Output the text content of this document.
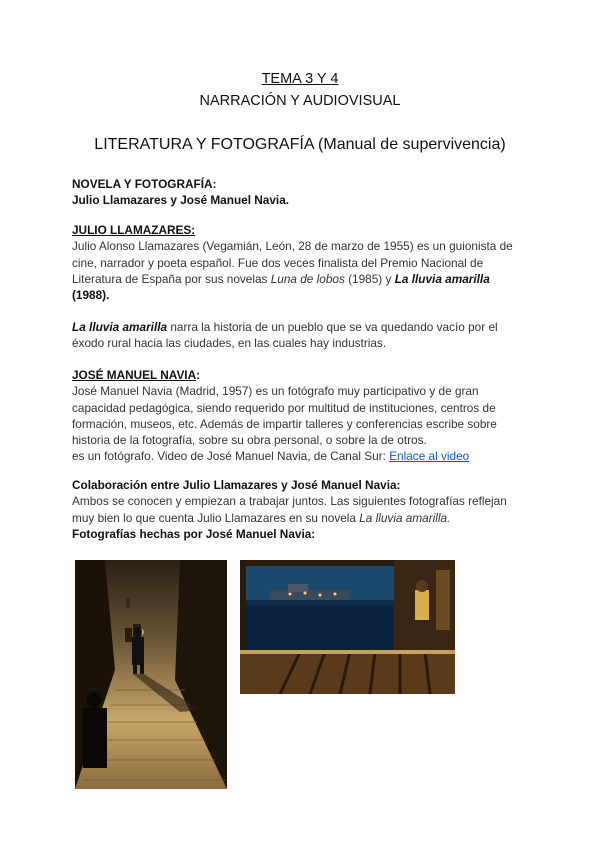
TEMA 3 Y 4
NARRACIÓN Y AUDIOVISUAL
LITERATURA Y FOTOGRAFÍA (Manual de supervivencia)
NOVELA Y FOTOGRAFÍA:
Julio Llamazares y José Manuel Navia.
JULIO LLAMAZARES:
Julio Alonso Llamazares (Vegamián, León, 28 de marzo de 1955) es un guionista de
cine, narrador y poeta español. Fue dos veces finalista del Premio Nacional de
Literatura de España por sus novelas Luna de lobos (1985) y La lluvia amarilla
(1988).
La lluvia amarilla narra la historia de un pueblo que se va quedando vacío por el
éxodo rural hacia las ciudades, en las cuales hay industrias.
JOSÉ MANUEL NAVIA:
José Manuel Navia (Madrid, 1957) es un fotógrafo muy participativo y de gran
capacidad pedagógica, siendo requerido por multitud de instituciones, centros de
formación, museos, etc. Además de impartir talleres y conferencias escribe sobre
historia de la fotografía, sobre su obra personal, o sobre la de otros.
es un fotógrafo. Video de José Manuel Navia, de Canal Sur: Enlace al video
Colaboración entre Julio Llamazares y José Manuel Navia:
Ambos se conocen y empiezan a trabajar juntos. Las siguientes fotografías reflejan
muy bien lo que cuenta Julio Llamazares en su novela La lluvia amarilla.
Fotografías hechas por José Manuel Navia:
